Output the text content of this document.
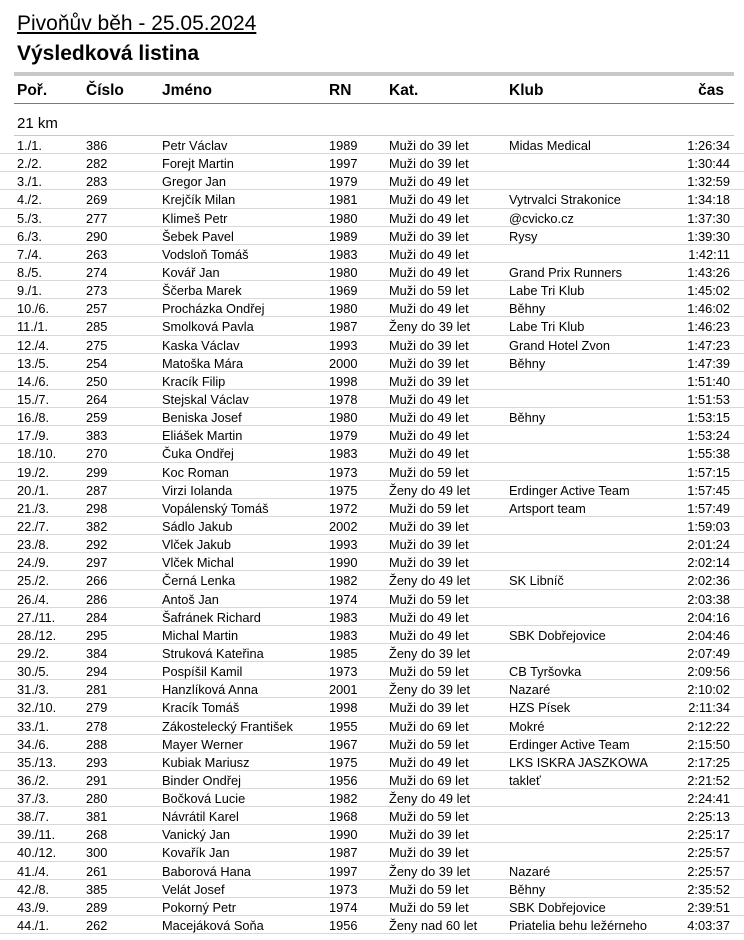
Pivoňův běh - 25.05.2024
Výsledková listina
Poř.	Číslo Jméno	RN Kat.	Klub	čas
21 km
1./1.	386	Petr Václav	1989 Muži do 39 let	Midas Medical	1:26:34
2./2.	282	Forejt Martin	1997 Muži do 39 let	1:30:44
3./1.	283	Gregor Jan	1979 Muži do 49 let	1:32:59
4./2.	269	Krejčík Milan	1981 Muži do 49 let	Vytrvalci Strakonice	1:34:18
5./3.	277	Klimeš Petr	1980 Muži do 49 let	@cvicko.cz	1:37:30
6./3.	290	Šebek Pavel	1989 Muži do 39 let	Rysy	1:39:30
7./4.	263	Vodsloň Tomáš	1983 Muži do 49 let	1:42:11
8./5.	274	Kovář Jan	1980 Muži do 49 let	Grand Prix Runners	1:43:26
9./1.	273	Ščerba Marek	1969 Muži do 59 let	Labe Tri Klub	1:45:02
10./6.	257	Procházka Ondřej	1980 Muži do 49 let	Běhny	1:46:02
11./1.	285	Smolková Pavla	1987 Ženy do 39 let	Labe Tri Klub	1:46:23
12./4.	275	Kaska Václav	1993 Muži do 39 let	Grand Hotel Zvon	1:47:23
13./5.	254	Matoška Mára	2000 Muži do 39 let	Běhny	1:47:39
14./6.	250	Kracík Filip	1998 Muži do 39 let	1:51:40
15./7.	264	Stejskal Václav	1978 Muži do 49 let	1:51:53
16./8.	259	Beniska Josef	1980 Muži do 49 let	Běhny	1:53:15
17./9.	383	Eliášek Martin	1979 Muži do 49 let	1:53:24
18./10. 270	Čuka Ondřej	1983 Muži do 49 let	1:55:38
19./2.	299	Koc Roman	1973 Muži do 59 let	1:57:15
20./1.	287	Virzi Iolanda	1975 Ženy do 49 let	Erdinger Active Team	1:57:45
21./3.	298	Vopálenský Tomáš	1972 Muži do 59 let	Artsport team	1:57:49
22./7.	382	Sádlo Jakub	2002 Muži do 39 let	1:59:03
23./8.	292	Vlček Jakub	1993 Muži do 39 let	2:01:24
24./9.	297	Vlček Michal	1990 Muži do 39 let	2:02:14
25./2.	266	Černá Lenka	1982 Ženy do 49 let	SK Libníč	2:02:36
26./4.	286	Antoš Jan	1974 Muži do 59 let	2:03:38
27./11. 284	Šafránek Richard	1983 Muži do 49 let	2:04:16
28./12. 295	Michal Martin	1983 Muži do 49 let	SBK Dobřejovice	2:04:46
29./2.	384	Struková Kateřina	1985 Ženy do 39 let	2:07:49
30./5.	294	Pospíšil Kamil	1973 Muži do 59 let	CB Tyršovka	2:09:56
31./3.	281	Hanzlíková Anna	2001 Ženy do 39 let	Nazaré	2:10:02
32./10. 279	Kracík Tomáš	1998 Muži do 39 let	HZS Písek	2:11:34
33./1.	278	Zákostelecký František	1955 Muži do 69 let	Mokré	2:12:22
34./6.	288	Mayer Werner	1967 Muži do 59 let	Erdinger Active Team	2:15:50
35./13. 293	Kubiak Mariusz	1975 Muži do 49 let	LKS ISKRA JASZKOWA	2:17:25
36./2.	291	Binder Ondřej	1956 Muži do 69 let	takleť	2:21:52
37./3.	280	Bočková Lucie	1982 Ženy do 49 let	2:24:41
38./7.	381	Návrátil Karel	1968 Muži do 59 let	2:25:13
39./11. 268	Vanický Jan	1990 Muži do 39 let	2:25:17
40./12. 300	Kovařík Jan	1987 Muži do 39 let	2:25:57
41./4.	261	Baborová Hana	1997 Ženy do 39 let	Nazaré	2:25:57
42./8.	385	Velát Josef	1973 Muži do 59 let	Běhny	2:35:52
43./9.	289	Pokorný Petr	1974 Muži do 59 let	SBK Dobřejovice	2:39:51
44./1.	262	Macejáková Soňa	1956 Ženy nad 60 let Priatelia behu ležérneho	4:03:37
